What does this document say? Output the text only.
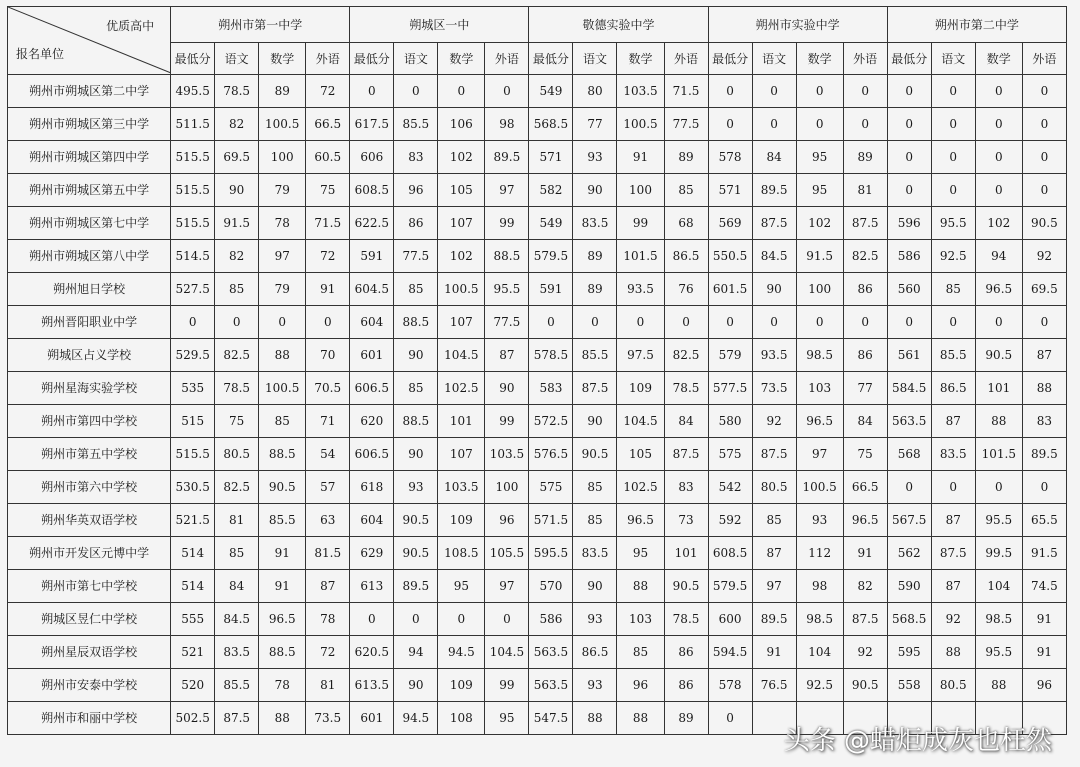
优质高中
报名单位	朔州市第一中学				朔城区一中				敬德实验中学				朔州市实验中学				朔州市第二中学			
	最低分	语文	数学	外语	最低分	语文	数学	外语	最低分	语文	数学	外语	最低分	语文	数学	外语	最低分	语文	数学	外语
朔州市朔城区第二中学	495.5	78.5	89	72	0	0	0	0	549	80	103.5	71.5	0	0	0	0	0	0	0	0
朔州市朔城区第三中学	511.5	82	100.5	66.5	617.5	85.5	106	98	568.5	77	100.5	77.5	0	0	0	0	0	0	0	0
朔州市朔城区第四中学	515.5	69.5	100	60.5	606	83	102	89.5	571	93	91	89	578	84	95	89	0	0	0	0
朔州市朔城区第五中学	515.5	90	79	75	608.5	96	105	97	582	90	100	85	571	89.5	95	81	0	0	0	0
朔州市朔城区第七中学	515.5	91.5	78	71.5	622.5	86	107	99	549	83.5	99	68	569	87.5	102	87.5	596	95.5	102	90.5
朔州市朔城区第八中学	514.5	82	97	72	591	77.5	102	88.5	579.5	89	101.5	86.5	550.5	84.5	91.5	82.5	586	92.5	94	92
朔州旭日学校	527.5	85	79	91	604.5	85	100.5	95.5	591	89	93.5	76	601.5	90	100	86	560	85	96.5	69.5
朔州晋阳职业中学	0	0	0	0	604	88.5	107	77.5	0	0	0	0	0	0	0	0	0	0	0	0
朔城区占义学校	529.5	82.5	88	70	601	90	104.5	87	578.5	85.5	97.5	82.5	579	93.5	98.5	86	561	85.5	90.5	87
朔州星海实验学校	535	78.5	100.5	70.5	606.5	85	102.5	90	583	87.5	109	78.5	577.5	73.5	103	77	584.5	86.5	101	88
朔州市第四中学校	515	75	85	71	620	88.5	101	99	572.5	90	104.5	84	580	92	96.5	84	563.5	87	88	83
朔州市第五中学校	515.5	80.5	88.5	54	606.5	90	107	103.5	576.5	90.5	105	87.5	575	87.5	97	75	568	83.5	101.5	89.5
朔州市第六中学校	530.5	82.5	90.5	57	618	93	103.5	100	575	85	102.5	83	542	80.5	100.5	66.5	0	0	0	0
朔州华英双语学校	521.5	81	85.5	63	604	90.5	109	96	571.5	85	96.5	73	592	85	93	96.5	567.5	87	95.5	65.5
朔州市开发区元博中学	514	85	91	81.5	629	90.5	108.5	105.5	595.5	83.5	95	101	608.5	87	112	91	562	87.5	99.5	91.5
朔州市第七中学校	514	84	91	87	613	89.5	95	97	570	90	88	90.5	579.5	97	98	82	590	87	104	74.5
朔城区昱仁中学校	555	84.5	96.5	78	0	0	0	0	586	93	103	78.5	600	89.5	98.5	87.5	568.5	92	98.5	91
朔州星辰双语学校	521	83.5	88.5	72	620.5	94	94.5	104.5	563.5	86.5	85	86	594.5	91	104	92	595	88	95.5	91
朔州市安泰中学校	520	85.5	78	81	613.5	90	109	99	563.5	93	96	86	578	76.5	92.5	90.5	558	80.5	88	96
朔州市和丽中学校	502.5	87.5	88	73.5	601	94.5	108	95	547.5	88	88	89	0							
头条 @蜡炬成灰也枉然
